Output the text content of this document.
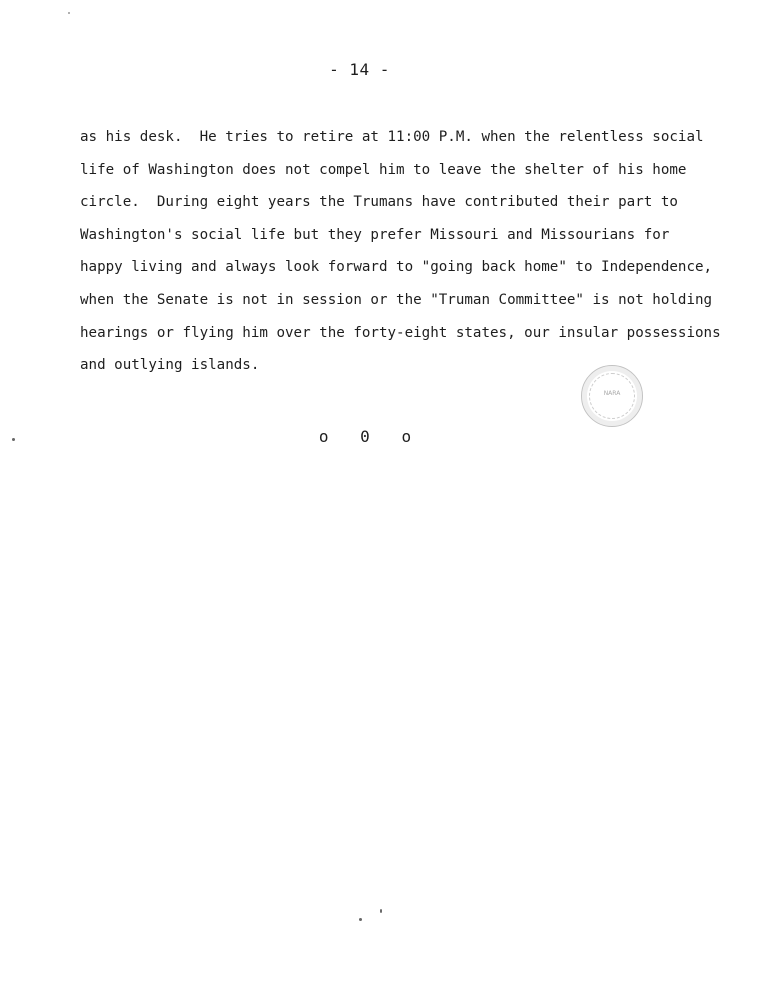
- 14 -
as his desk.  He tries to retire at 11:00 P.M. when the relentless social
life of Washington does not compel him to leave the shelter of his home
circle.  During eight years the Trumans have contributed their part to
Washington's social life but they prefer Missouri and Missourians for
happy living and always look forward to "going back home" to Independence,
when the Senate is not in session or the "Truman Committee" is not holding
hearings or flying him over the forty-eight states, our insular possessions
and outlying islands.
NARA
o 0 o
